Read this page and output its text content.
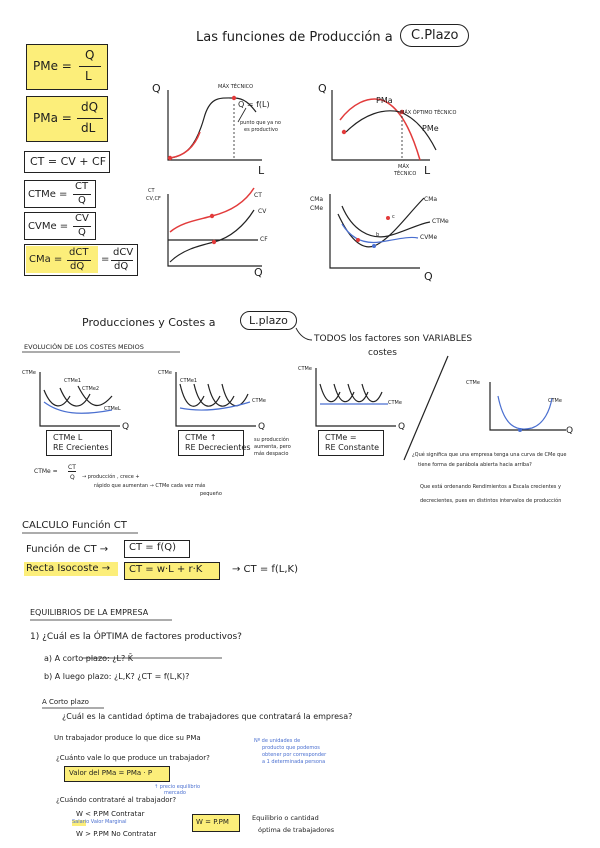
Las funciones de Producción a	C.Plazo
PMe =
Q
L
PMa =
dQ
dL
CT = CV + CF
CTMe =
CT
Q
CVMe =
CV
Q
CMa =
dCT
dQ
=
dCV
dQ
Q
L
MÁX TÉCNICO
Q = f(L)
punto que ya no
es productivo
Q
L
PMa
MÁX ÓPTIMO TÉCNICO
PMe
MÁX
TÉCNICO
CT
CV,CF
Q
CT
CV
CF
CMa
CMe
Q
CMa
CTMe
CVMe
c
b
Producciones y Costes a	L.plazo
TODOS los factores son VARIABLES
costes
EVOLUCIÓN DE LOS COSTES MEDIOS
CTMe
CTMe1
CTMe2
CTMeL
Q
CTMe L
RE Crecientes
CTMe
CTMe1
CTMe
Q
CTMe ↑
RE Decrecientes
su producción
aumenta, pero
más despacio
CTMe
CTMe
Q
CTMe =
RE Constante
CTMe
CTMe
Q
CTMe =
CT
Q → producción , crece +
rápido que aumentan → CTMe cada vez más
pequeño
¿Qué significa que una empresa tenga una curva de CMe que
tiene forma de parábola abierta hacia arriba?
Que está ordenando Rendimientos a Escala crecientes y
decrecientes, pues en distintos intervalos de producción
CALCULO Función CT
Función de CT → CT = f(Q)
Recta Isocoste → CT = w·L + r·K	→ CT = f(L,K)
EQUILIBRIOS DE LA EMPRESA
1) ¿Cuál es la ÓPTIMA de factores productivos?
a) A corto plazo: ¿L? K̄
b) A luego plazo: ¿L,K? ¿CT = f(L,K)?
A Corto plazo
¿Cuál es la cantidad óptima de trabajadores que contratará la empresa?
Un trabajador produce lo que dice su PMa	Nº de unidades de
producto que podemos
obtener por corresponder
a 1 determinada persona
¿Cuánto vale lo que produce un trabajador?
Valor del PMa = PMa · P
↑ precio equilibrio
mercado
¿Cuándo contrataré al trabajador?
W < P.PM Contratar
Salario Valor Marginal
W > P.PM No Contratar
W = P.PM	Equilibrio o cantidad
óptima de trabajadores
